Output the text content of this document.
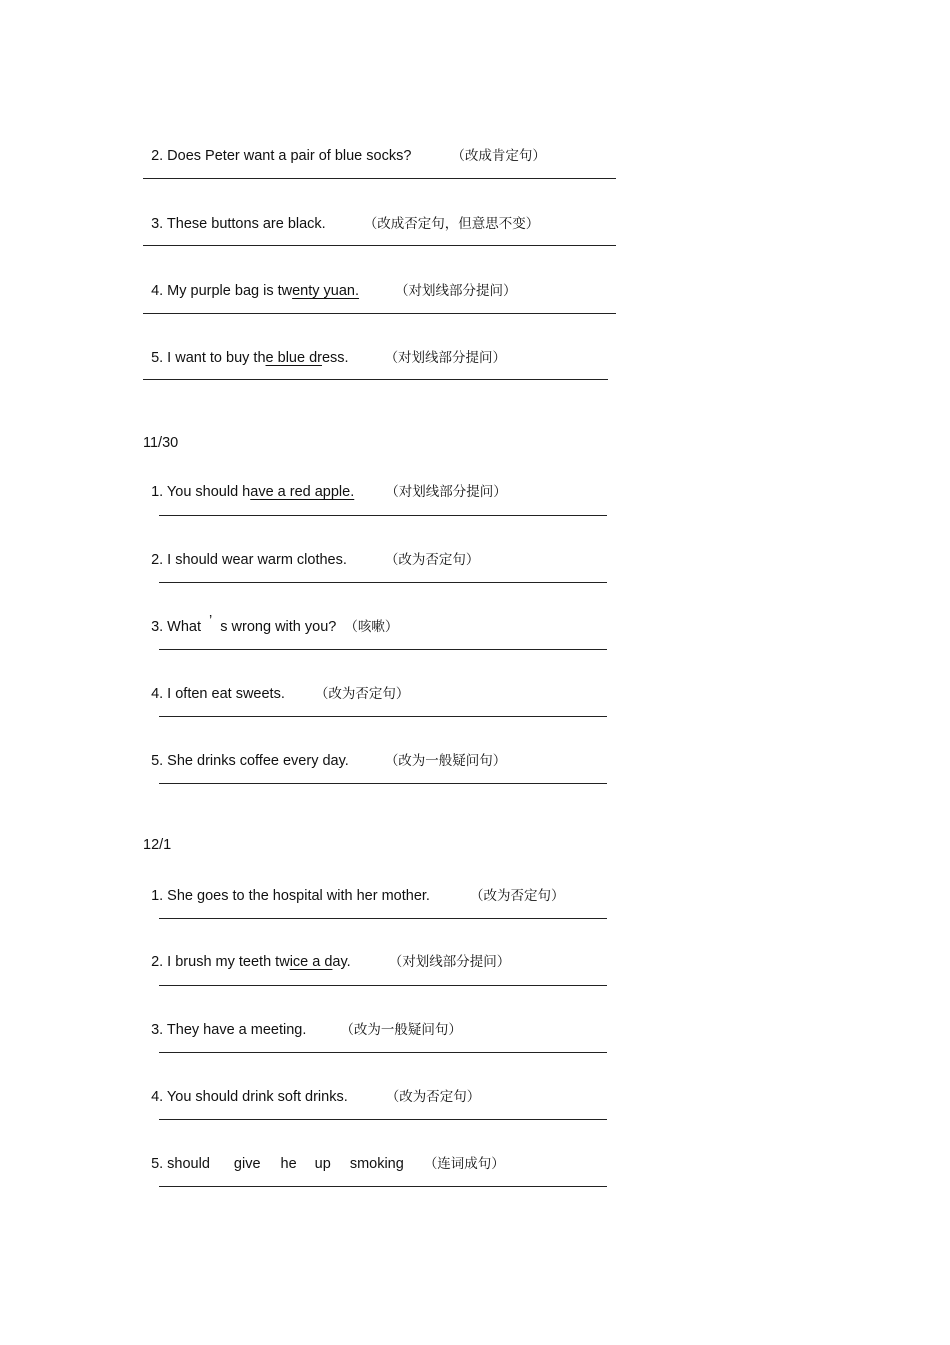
2. Does Peter want a pair of blue socks?	（改成肯定句）

3. These buttons are black.	（改成否定句，但意思不变）

4. My purple bag is twenty yuan.	（对划线部分提问）

5. I want to buy the blue dress.	（对划线部分提问）

11/30

1. You should have a red apple. （对划线部分提问）

2. I should wear warm clothes.	（改为否定句）

3. What ’ s wrong with you? （咳嗽）

4. I often eat sweets. （改为否定句）

5. She drinks coffee every day.	（改为一般疑问句）

12/1

1. She goes to the hospital with her mother.	（改为否定句）

2. I brush my teeth twice a day.	（对划线部分提问）

3. They have a meeting.	（改为一般疑问句）

4. You should drink soft drinks.	（改为否定句）

5. should give he up smoking （连词成句）
